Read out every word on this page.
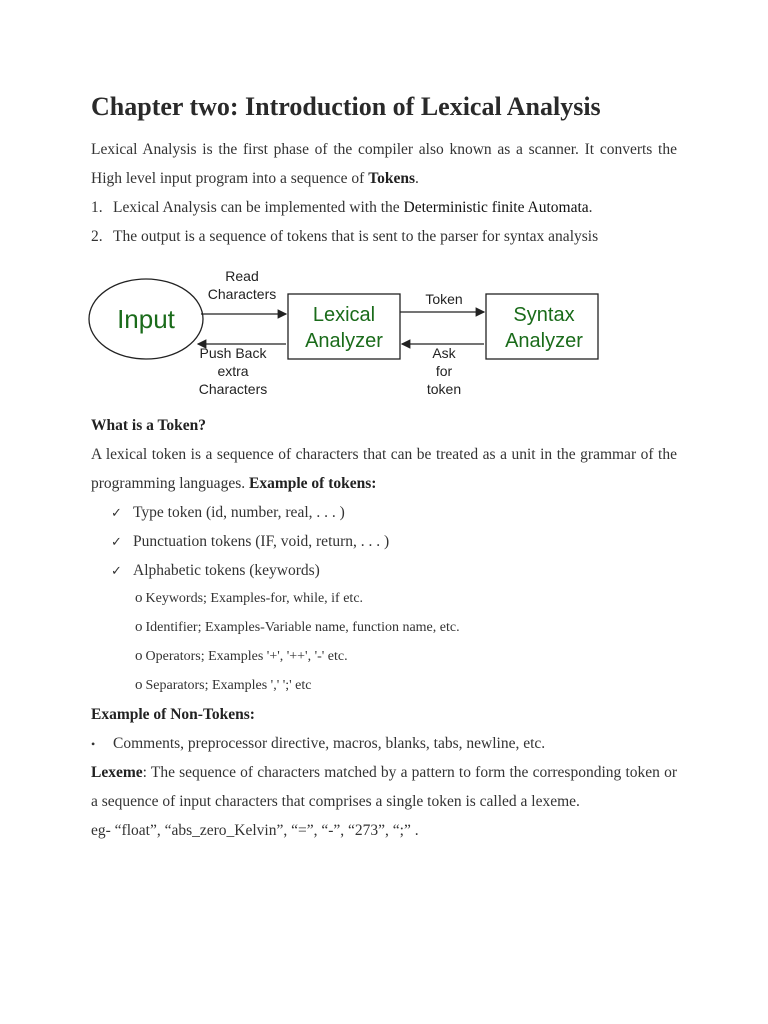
Chapter two: Introduction of Lexical Analysis

Lexical Analysis is the first phase of the compiler also known as a scanner. It converts the High level input program into a sequence of Tokens.

1. Lexical Analysis can be implemented with the Deterministic finite Automata.
2. The output is a sequence of tokens that is sent to the parser for syntax analysis
Input	Lexical
Analyzer
Syntax
Analyzer
Read
Characters
Push Back
extra
Characters
Token
Ask
for
token
What is a Token?

A lexical token is a sequence of characters that can be treated as a unit in the grammar of the programming languages. Example of tokens:

✓ Type token (id, number, real, . . . )
✓ Punctuation tokens (IF, void, return, . . . )
✓ Alphabetic tokens (keywords)
o Keywords; Examples-for, while, if etc.
o Identifier; Examples-Variable name, function name, etc.
o Operators; Examples '+', '++', '-' etc.
o Separators; Examples ',' ';' etc
Example of Non-Tokens:
• Comments, preprocessor directive, macros, blanks, tabs, newline, etc.

Lexeme: The sequence of characters matched by a pattern to form the corresponding token or a sequence of input characters that comprises a single token is called a lexeme.

eg- “float”, “abs_zero_Kelvin”, “=”, “-”, “273”, “;” .
